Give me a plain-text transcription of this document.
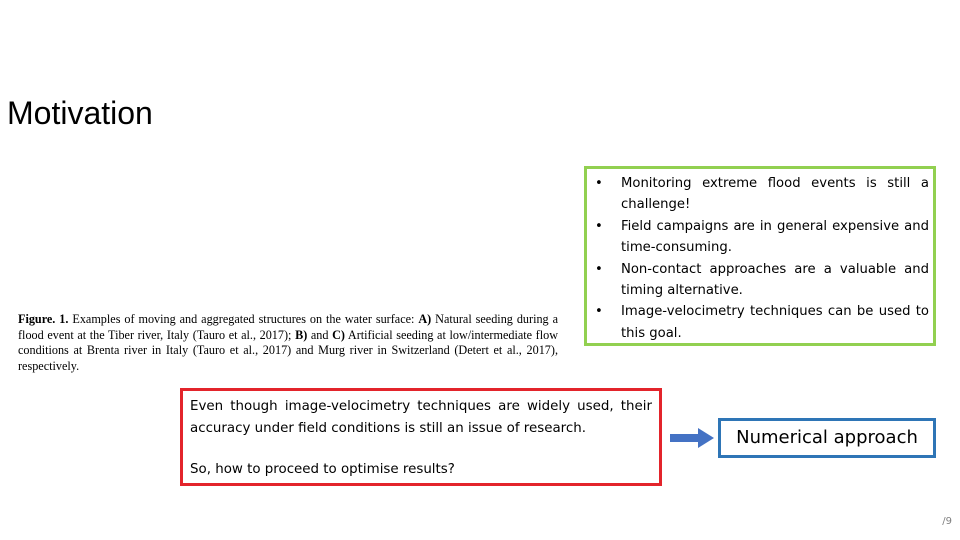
Motivation
Figure. 1. Examples of moving and aggregated structures on the water surface: A) Natural seeding during a flood event at the Tiber river, Italy (Tauro et al., 2017); B) and C) Artificial seeding at low/intermediate flow conditions at Brenta river in Italy (Tauro et al., 2017) and Murg river in Switzerland (Detert et al., 2017), respectively.
• Monitoring extreme flood events is still a challenge!
• Field campaigns are in general expensive and time-consuming.
• Non-contact approaches are a valuable and timing alternative.
• Image-velocimetry techniques can be used to this goal.

Even though image-velocimetry techniques are widely used, their accuracy under field conditions is still an issue of research.

So, how to proceed to optimise results?

Numerical approach
/9
